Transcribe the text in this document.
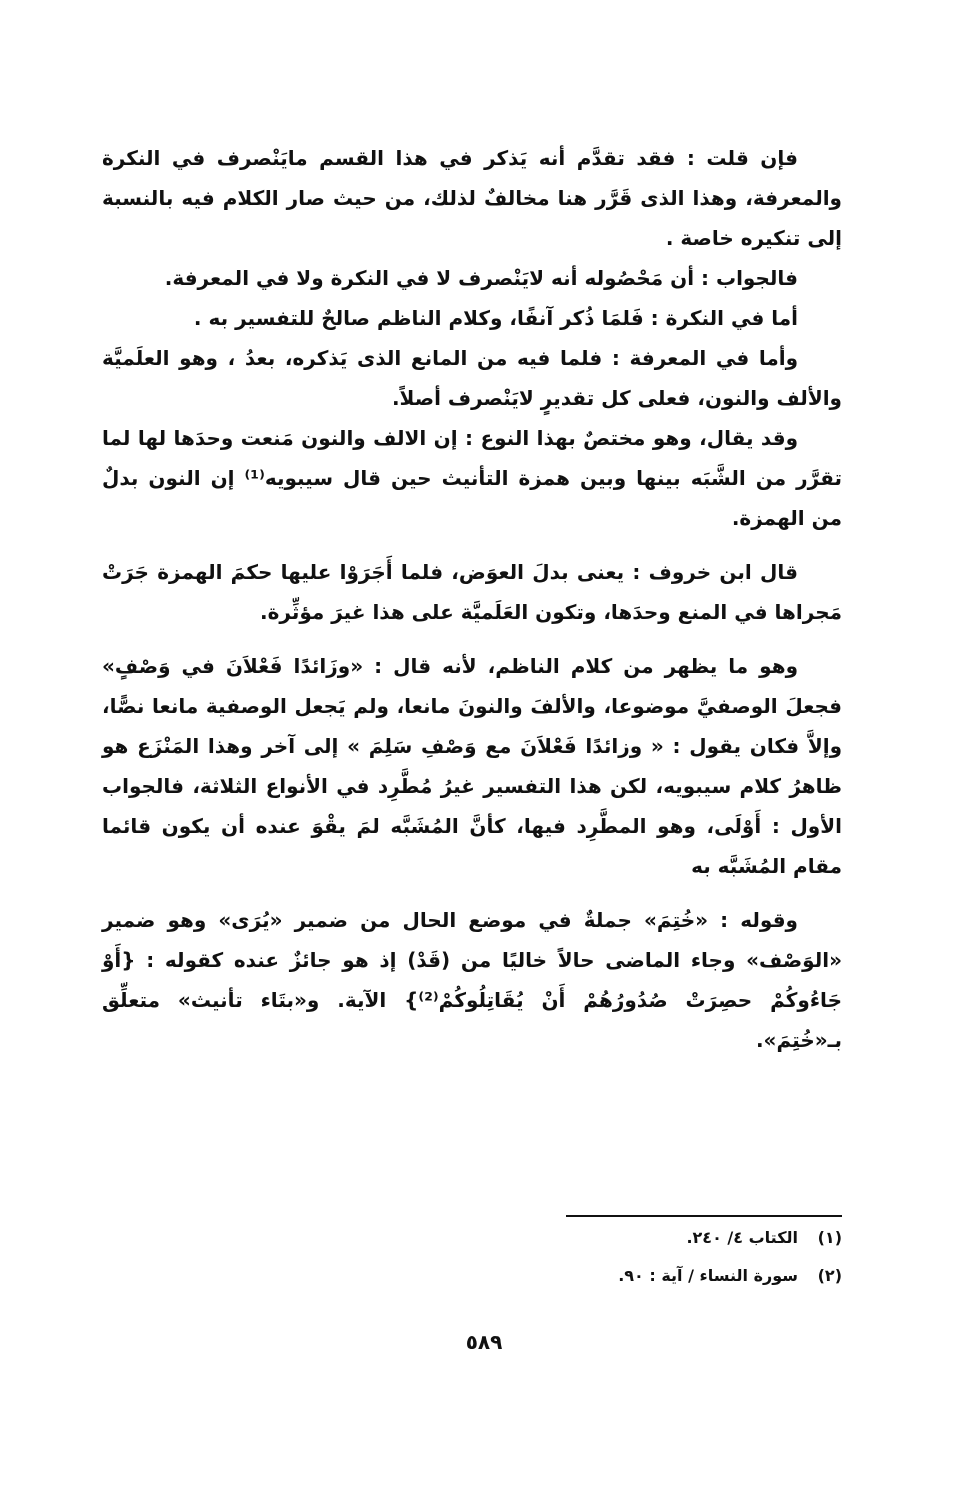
فإن قلت : فقد تقدَّم أنه يَذكر في هذا القسم مايَنْصرف في النكرة والمعرفة، وهذا الذى قَرَّر هنا مخالفٌ لذلك، من حيث صار الكلام فيه بالنسبة إلى تنكيره خاصة .

فالجواب : أن مَحْصُوله أنه لايَنْصرف لا في النكرة ولا في المعرفة.

أما في النكرة : فَلمَا ذُكر آنفًا، وكلام الناظم صالحٌ للتفسير به .

وأما في المعرفة : فلما فيه من المانع الذى يَذكره، بعدُ ، وهو العلَميَّة والألف والنون، فعلى كل تقديرٍ لايَنْصرف أصلاً.

وقد يقال، وهو مختصٌ بهذا النوع : إن الالف والنون مَنعت وحدَها لها لما تقرَّر من الشَّبَه بينها وبين همزة التأنيث حين قال سيبويه⁽¹⁾ إن النون بدلٌ من الهمزة.

قال ابن خروف : يعنى بدلَ العوَض، فلما أَجَرَوْا عليها حكمَ الهمزة جَرَتْ مَجراها في المنع وحدَها، وتكون العَلَميَّة على هذا غيرَ مؤثِّرة.

وهو ما يظهر من كلام الناظم، لأنه قال : «وزَائدًا فَعْلاَنَ في وَصْفٍ» فجعلَ الوصفيَّ موضوعا، والألفَ والنونَ مانعا، ولم يَجعل الوصفية مانعا نصًّا، وإلاَّ فكان يقول : « وزائدًا فَعْلاَنَ مع وَصْفِ سَلِمَ » إلى آخر وهذا المَنْزَع هو ظاهرُ كلام سيبويه، لكن هذا التفسير غيرُ مُطَّرِد في الأنواع الثلاثة، فالجواب الأول : أَوْلَى، وهو المطَّرِد فيها، كأنَّ المُشَبَّه لمَ يقْوَ عنده أن يكون قائما مقام المُشَبَّه به

وقوله : «خُتِمَ» جملةٌ في موضع الحال من ضمير «يُرَى» وهو ضمير «الوَصْف» وجاء الماضى حالاً خاليًا من (قَدْ) إذ هو جائزٌ عنده كقوله : {أَوْ جَاءُوكُمْ حصِرَتْ صُدُورُهُمْ أَنْ يُقَاتِلُوكُمْ⁽²⁾} الآية. و«بتَاء تأنيث» متعلِّق بـ«خُتِمَ».

(١)
الكتاب ٤/ ٢٤٠.
(٢)
سورة النساء / آية : ٩٠.
٥٨٩
